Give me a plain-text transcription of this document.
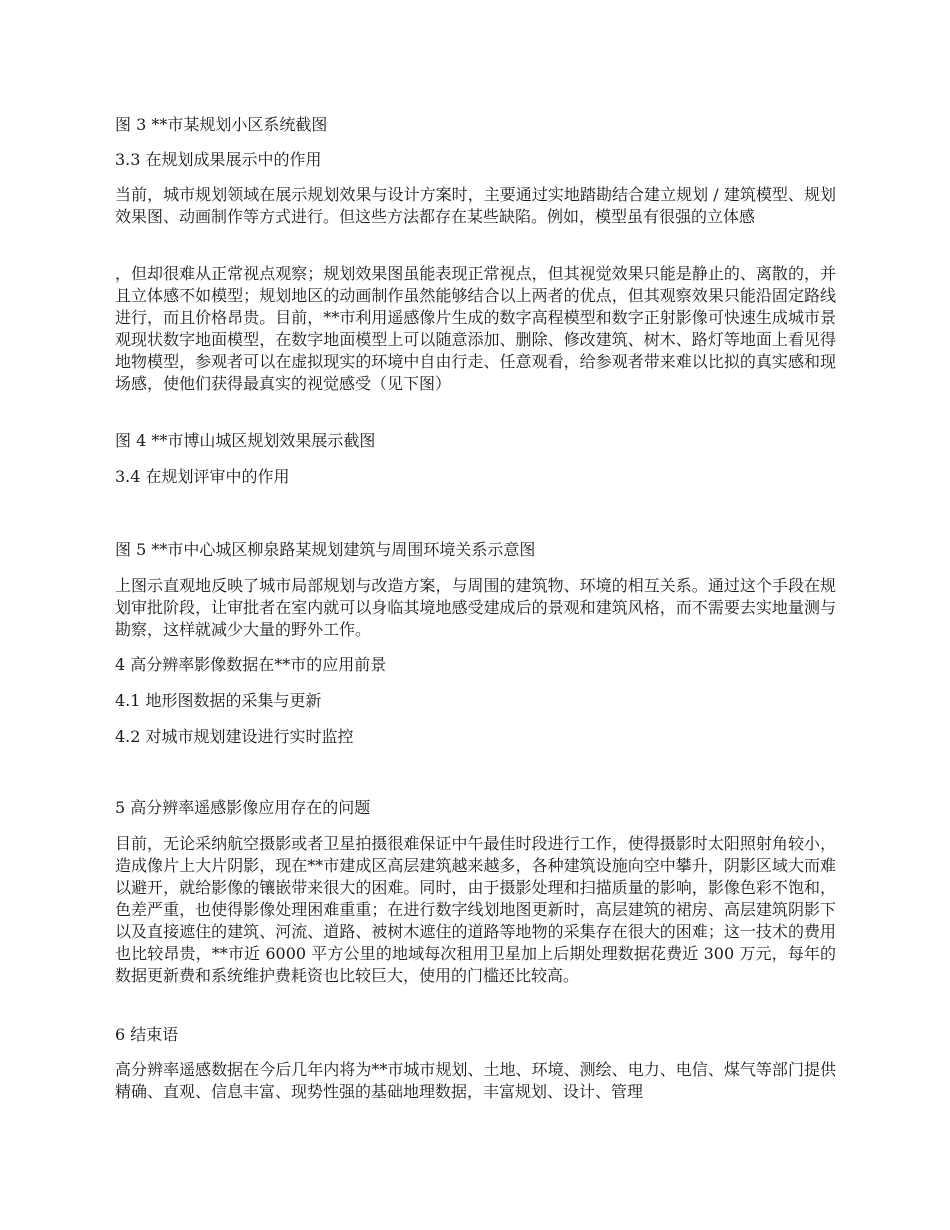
图 3 **市某规划小区系统截图

3.3 在规划成果展示中的作用

当前，城市规划领域在展示规划效果与设计方案时，主要通过实地踏勘结合建立规划 / 建筑模型、规划效果图、动画制作等方式进行。但这些方法都存在某些缺陷。例如，模型虽有很强的立体感

，但却很难从正常视点观察；规划效果图虽能表现正常视点，但其视觉效果只能是静止的、离散的，并且立体感不如模型；规划地区的动画制作虽然能够结合以上两者的优点，但其观察效果只能沿固定路线进行，而且价格昂贵。目前，**市利用遥感像片生成的数字高程模型和数字正射影像可快速生成城市景观现状数字地面模型，在数字地面模型上可以随意添加、删除、修改建筑、树木、路灯等地面上看见得地物模型，参观者可以在虚拟现实的环境中自由行走、任意观看，给参观者带来难以比拟的真实感和现场感，使他们获得最真实的视觉感受（见下图）

图 4 **市博山城区规划效果展示截图

3.4 在规划评审中的作用

图 5 **市中心城区柳泉路某规划建筑与周围环境关系示意图

上图示直观地反映了城市局部规划与改造方案，与周围的建筑物、环境的相互关系。通过这个手段在规划审批阶段，让审批者在室内就可以身临其境地感受建成后的景观和建筑风格，而不需要去实地量测与勘察，这样就减少大量的野外工作。

4 高分辨率影像数据在**市的应用前景

4.1 地形图数据的采集与更新

4.2 对城市规划建设进行实时监控

5 高分辨率遥感影像应用存在的问题

目前，无论采纳航空摄影或者卫星拍摄很难保证中午最佳时段进行工作，使得摄影时太阳照射角较小，造成像片上大片阴影，现在**市建成区高层建筑越来越多，各种建筑设施向空中攀升，阴影区域大而难以避开，就给影像的镶嵌带来很大的困难。同时，由于摄影处理和扫描质量的影响，影像色彩不饱和，色差严重，也使得影像处理困难重重；在进行数字线划地图更新时，高层建筑的裙房、高层建筑阴影下以及直接遮住的建筑、河流、道路、被树木遮住的道路等地物的采集存在很大的困难；这一技术的费用也比较昂贵，**市近 6000 平方公里的地域每次租用卫星加上后期处理数据花费近 300 万元，每年的数据更新费和系统维护费耗资也比较巨大，使用的门槛还比较高。

6 结束语

高分辨率遥感数据在今后几年内将为**市城市规划、土地、环境、测绘、电力、电信、煤气等部门提供精确、直观、信息丰富、现势性强的基础地理数据，丰富规划、设计、管理
